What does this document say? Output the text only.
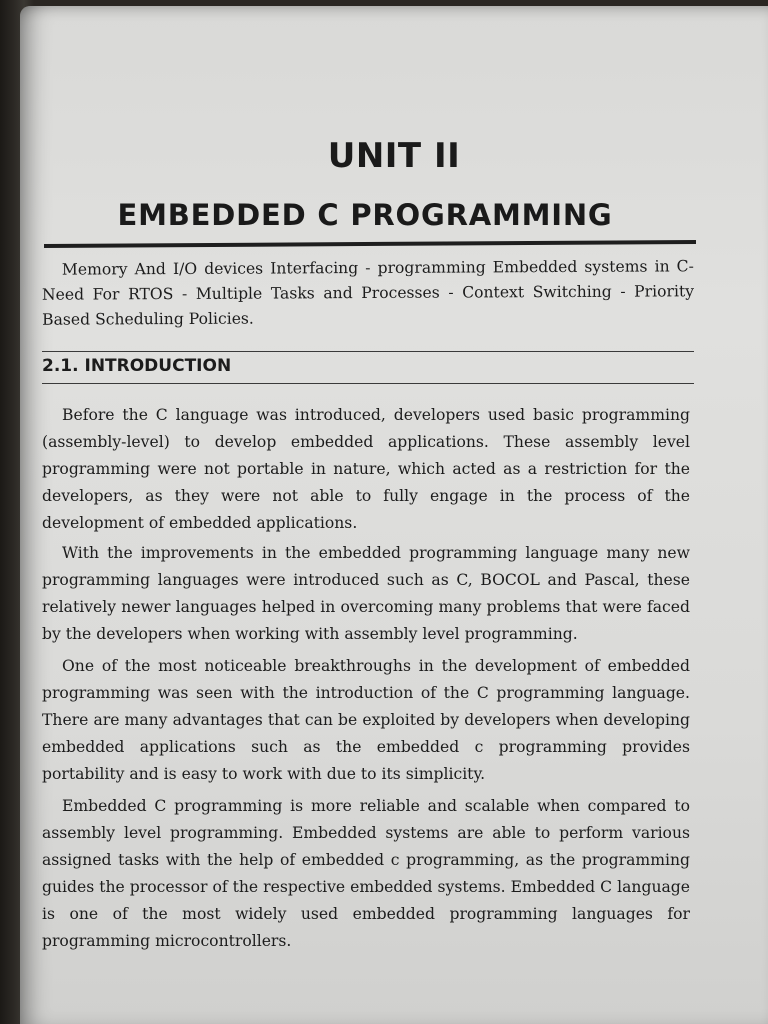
UNIT II
EMBEDDED C PROGRAMMING

Memory And I/O devices Interfacing - programming Embedded systems in C- Need For RTOS - Multiple Tasks and Processes - Context Switching - Priority Based Scheduling Policies.

2.1. INTRODUCTION

Before the C language was introduced, developers used basic programming (assembly-level) to develop embedded applications. These assembly level programming were not portable in nature, which acted as a restriction for the developers, as they were not able to fully engage in the process of the development of embedded applications.

With the improvements in the embedded programming language many new programming languages were introduced such as C, BOCOL and Pascal, these relatively newer languages helped in overcoming many problems that were faced by the developers when working with assembly level programming.

One of the most noticeable breakthroughs in the development of embedded programming was seen with the introduction of the C programming language. There are many advantages that can be exploited by developers when developing embedded applications such as the embedded c programming provides portability and is easy to work with due to its simplicity.

Embedded C programming is more reliable and scalable when compared to assembly level programming. Embedded systems are able to perform various assigned tasks with the help of embedded c programming, as the programming guides the processor of the respective embedded systems. Embedded C language is one of the most widely used embedded programming languages for programming microcontrollers.
